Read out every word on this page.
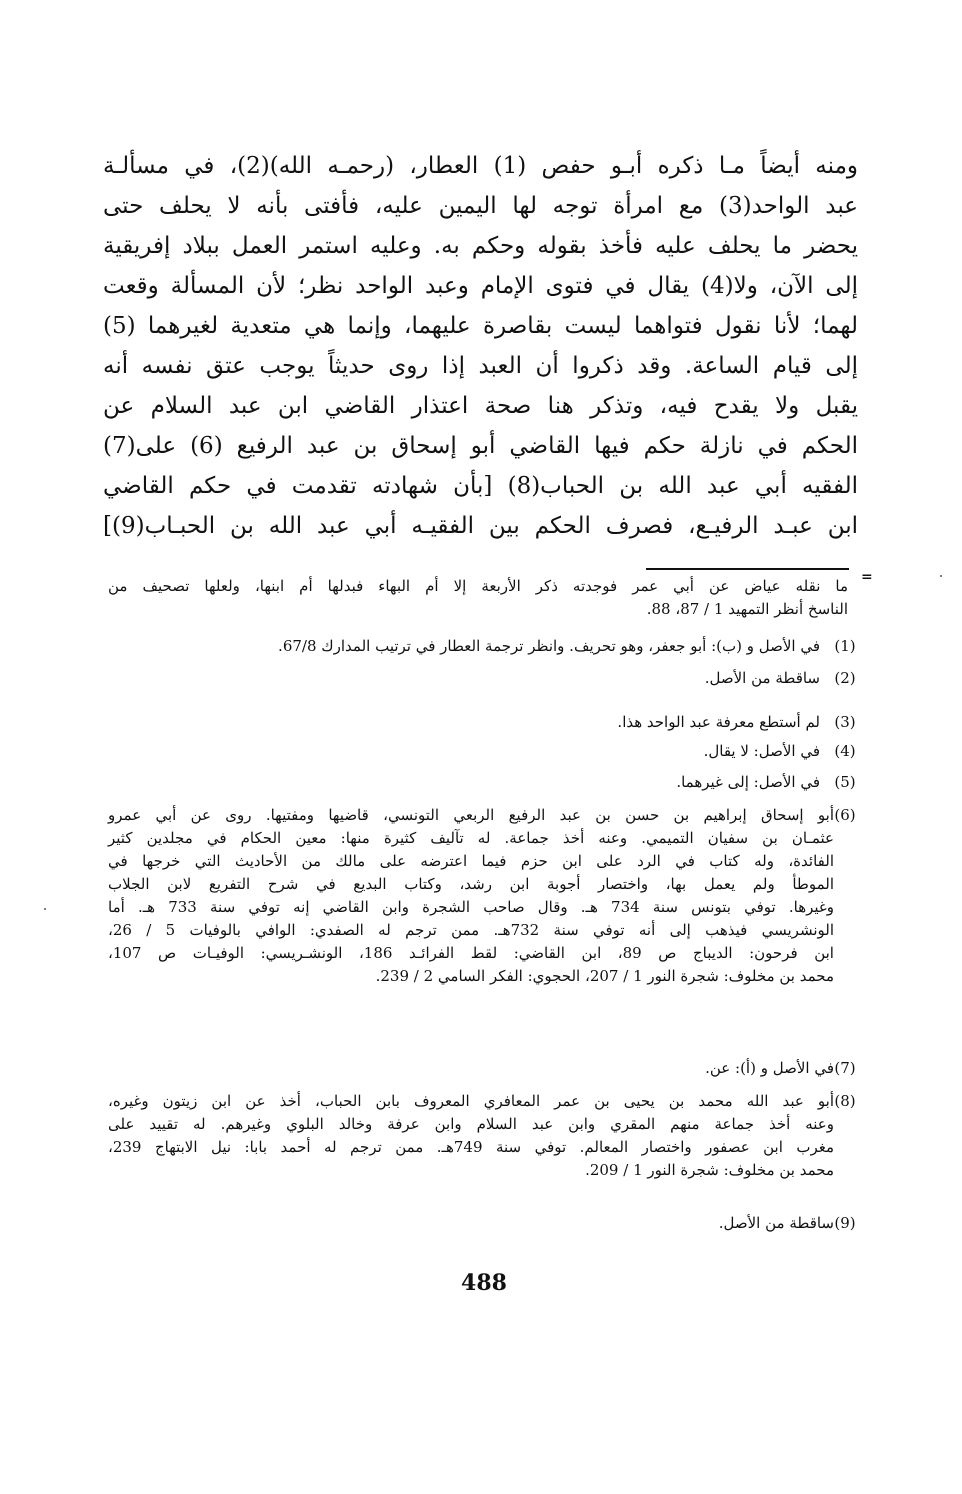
ومنه أيضاً مـا ذكره أبـو حفص (1) العطار، (رحمـه الله)(2)، في مسألـة
عبد الواحد(3) مع امرأة توجه لها اليمين عليه، فأفتى بأنه لا يحلف حتى
يحضر ما يحلف عليه فأخذ بقوله وحكم به. وعليه استمر العمل ببلاد إفريقية
إلى الآن، ولا(4) يقال في فتوى الإمام وعبد الواحد نظر؛ لأن المسألة وقعت
لهما؛ لأنا نقول فتواهما ليست بقاصرة عليهما، وإنما هي متعدية لغيرهما (5)
إلى قيام الساعة. وقد ذكروا أن العبد إذا روى حديثاً يوجب عتق نفسه أنه
يقبل ولا يقدح فيه، وتذكر هنا صحة اعتذار القاضي ابن عبد السلام عن
الحكم في نازلة حكم فيها القاضي أبو إسحاق بن عبد الرفيع (6) على(7)
الفقيه أبي عبد الله بن الحباب(8) [بأن شهادته تقدمت في حكم القاضي
ابن عبـد الرفيـع، فصرف الحكم بين الفقيـه أبي عبد الله بن الحبـاب(9)]
=
ما نقله عياض عن أبي عمر فوجدته ذكر الأربعة إلا أم البهاء فبدلها أم ابنها، ولعلها تصحيف من
الناسخ أنظر التمهيد 1 / 87، 88.
(1)
في الأصل و (ب): أبو جعفر، وهو تحريف. وانظر ترجمة العطار في ترتيب المدارك 67/8.
(2)
ساقطة من الأصل.
(3)
لم أستطع معرفة عبد الواحد هذا.
(4)
في الأصل: لا يقال.
(5)
في الأصل: إلى غيرهما.
(6)
أبو إسحاق إبراهيم بن حسن بن عبد الرفيع الربعي التونسي، قاضيها ومفتيها. روى عن أبي عمرو
عثمـان بن سفيان التميمي. وعنه أخذ جماعة. له تآليف كثيرة منها: معين الحكام في مجلدين كثير
الفائدة، وله كتاب في الرد على ابن حزم فيما اعترضه على مالك من الأحاديث التي خرجها في
الموطأ ولم يعمل بها، واختصار أجوبة ابن رشد، وكتاب البديع في شرح التفريع لابن الجلاب
وغيرها. توفي بتونس سنة 734 هـ. وقال صاحب الشجرة وابن القاضي إنه توفي سنة 733 هـ. أما
الونشريسي فيذهب إلى أنه توفي سنة 732هـ. ممن ترجم له الصفدي: الوافي بالوفيات 5 / 26،
ابن فرحون: الديباج ص 89، ابن القاضي: لقط الفرائـد 186، الونشـريسي: الوفيـات ص 107،
محمد بن مخلوف: شجرة النور 1 / 207، الحجوي: الفكر السامي 2 / 239.
(7)
في الأصل و (أ): عن.
(8)
أبو عبد الله محمد بن يحيى بن عمر المعافري المعروف بابن الحباب، أخذ عن ابن زيتون وغيره،
وعنه أخذ جماعة منهم المقري وابن عبد السلام وابن عرفة وخالد البلوي وغيرهم. له تقييد على
مغرب ابن عصفور واختصار المعالم. توفي سنة 749هـ. ممن ترجم له أحمد بابا: نيل الابتهاج 239،
محمد بن مخلوف: شجرة النور 1 / 209.
(9)
ساقطة من الأصل.
488
